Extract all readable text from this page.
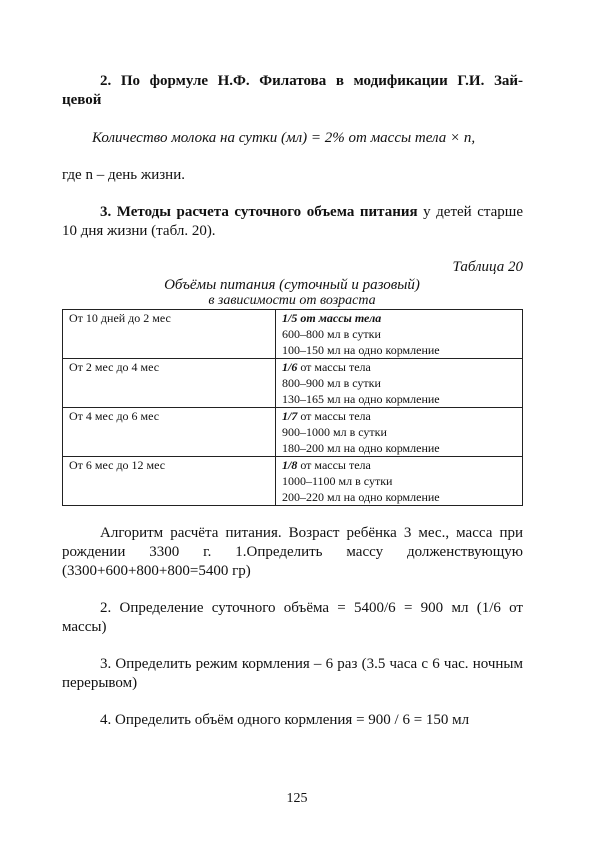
2. По формуле Н.Ф. Филатова в модификации Г.И. Зай-
цевой
Количество молока на сутки (мл) = 2% от массы тела × n,
где n – день жизни.
3. Методы расчета суточного объема питания у детей старше 10 дня жизни (табл. 20).
Таблица 20
Объёмы питания (суточный и разовый)
в зависимости от возраста
От 10 дней до 2 мес	1/5 от массы тела
600–800 мл в сутки
100–150 мл на одно кормление

От 2 мес до 4 мес	1/6 от массы тела
800–900 мл в сутки
130–165 мл на одно кормление

От 4 мес до 6 мес	1/7 от массы тела
900–1000 мл в сутки
180–200 мл на одно кормление

От 6 мес до 12 мес	1/8 от массы тела
1000–1100 мл в сутки
200–220 мл на одно кормление
Алгоритм расчёта питания. Возраст ребёнка 3 мес., масса при рождении 3300 г. 1.Определить массу долженствующую (3300+600+800+800=5400 гр)
2. Определение суточного объёма = 5400/6 = 900 мл (1/6 от массы)
3. Определить режим кормления – 6 раз (3.5 часа с 6 час. ночным перерывом)
4. Определить объём одного кормления = 900 / 6 = 150 мл
125
